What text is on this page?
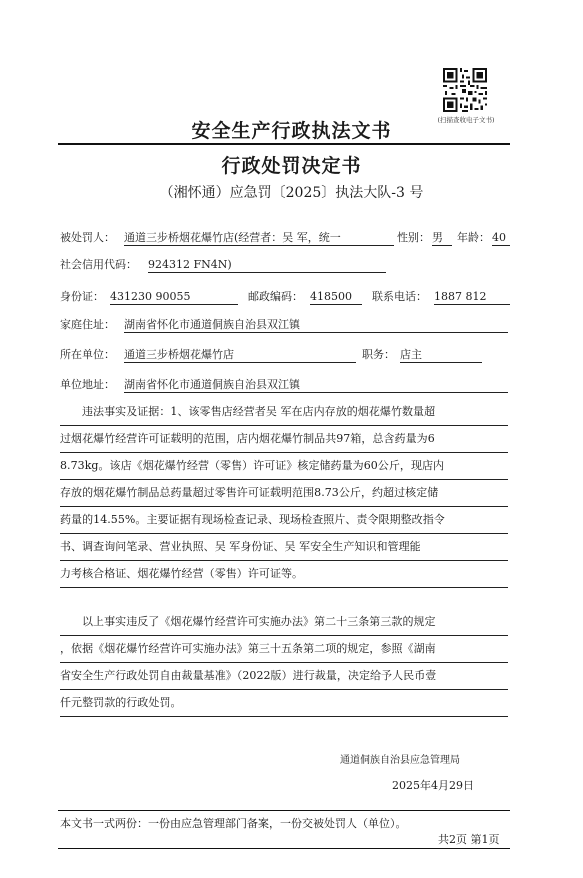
(扫描查收电子文书)
安全生产行政执法文书
行政处罚决定书
（湘怀通）应急罚〔2025〕执法大队-3 号
被处罚人： 通道三步桥烟花爆竹店(经营者：吴 军，统一	性别： 男	年龄： 40
社会信用代码： 924312 FN4N)
身份证： 431230 90055	邮政编码： 418500	联系电话： 1887 812
家庭住址： 湖南省怀化市通道侗族自治县双江镇
所在单位： 通道三步桥烟花爆竹店	职务： 店主
单位地址： 湖南省怀化市通道侗族自治县双江镇
违法事实及证据：1、该零售店经营者吴 军在店内存放的烟花爆竹数量超
过烟花爆竹经营许可证载明的范围，店内烟花爆竹制品共97箱，总含药量为6
8.73kg。该店《烟花爆竹经营（零售）许可证》核定储药量为60公斤，现店内
存放的烟花爆竹制品总药量超过零售许可证载明范围8.73公斤，约超过核定储
药量的14.55%。主要证据有现场检查记录、现场检查照片、责令限期整改指令
书、调查询问笔录、营业执照、吴 军身份证、吴 军安全生产知识和管理能
力考核合格证、烟花爆竹经营（零售）许可证等。
以上事实违反了《烟花爆竹经营许可实施办法》第二十三条第三款的规定
，依据《烟花爆竹经营许可实施办法》第三十五条第二项的规定，参照《湖南
省安全生产行政处罚自由裁量基准》（2022版）进行裁量，决定给予人民币壹
仟元整罚款的行政处罚。
通道侗族自治县应急管理局
2025年4月29日
本文书一式两份：一份由应急管理部门备案，一份交被处罚人（单位）。
共2页 第1页
